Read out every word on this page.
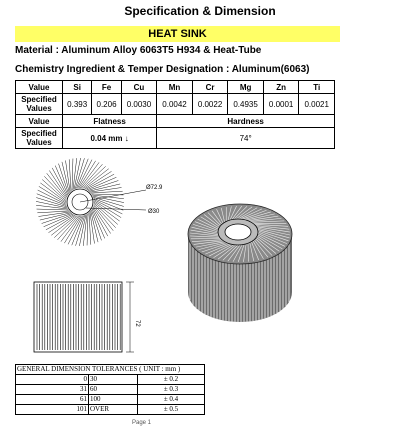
Specification & Dimension
HEAT SINK
Material : Aluminum Alloy 6063T5 H934 & Heat-Tube
Chemistry Ingredient & Temper Designation : Aluminum(6063)
Value	Si	Fe	Cu	Mn	Cr	Mg	Zn	Ti
Specified Values	0.393	0.206	0.0030	0.0042	0.0022	0.4935	0.0001	0.0021
Value	Flatness			Hardness				
Specified Values	0.04 mm ↓			74°				
Ø72.9
Ø30
72
GENERAL DIMENSION TOLERANCES ( UNIT : mm )		
0	30	± 0.2
31	60	± 0.3
61	100	± 0.4
101	OVER	± 0.5
Page 1
